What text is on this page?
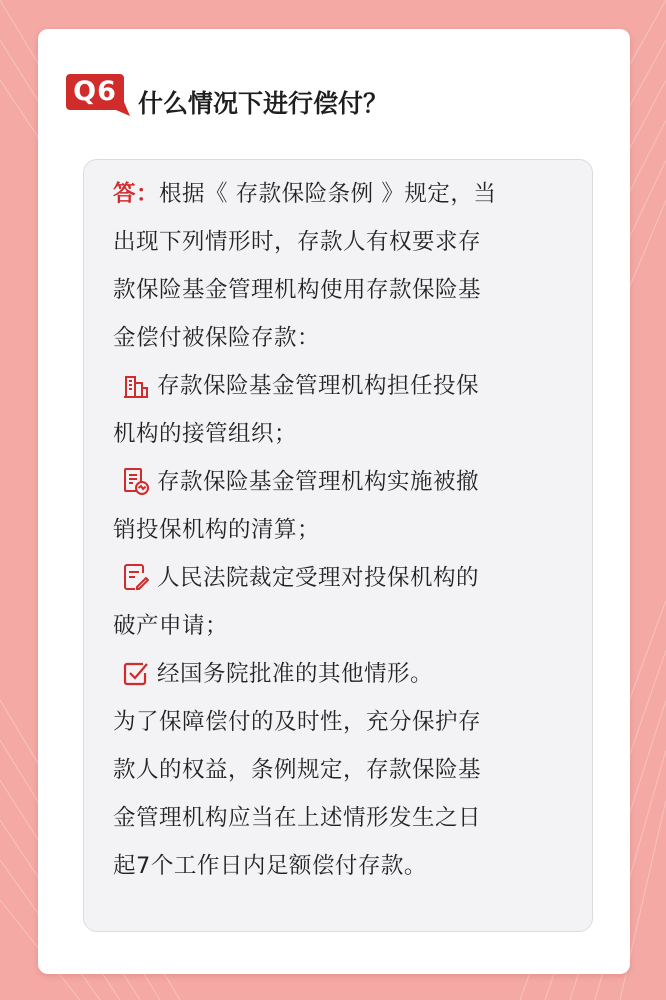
Q6 什么情况下进行偿付？
答：根据《 存款保险条例 》规定，当
出现下列情形时，存款人有权要求存
款保险基金管理机构使用存款保险基
金偿付被保险存款：
存款保险基金管理机构担任投保
机构的接管组织；
存款保险基金管理机构实施被撤
销投保机构的清算；
人民法院裁定受理对投保机构的
破产申请；
经国务院批准的其他情形。
为了保障偿付的及时性，充分保护存
款人的权益，条例规定，存款保险基
金管理机构应当在上述情形发生之日
起7个工作日内足额偿付存款。
